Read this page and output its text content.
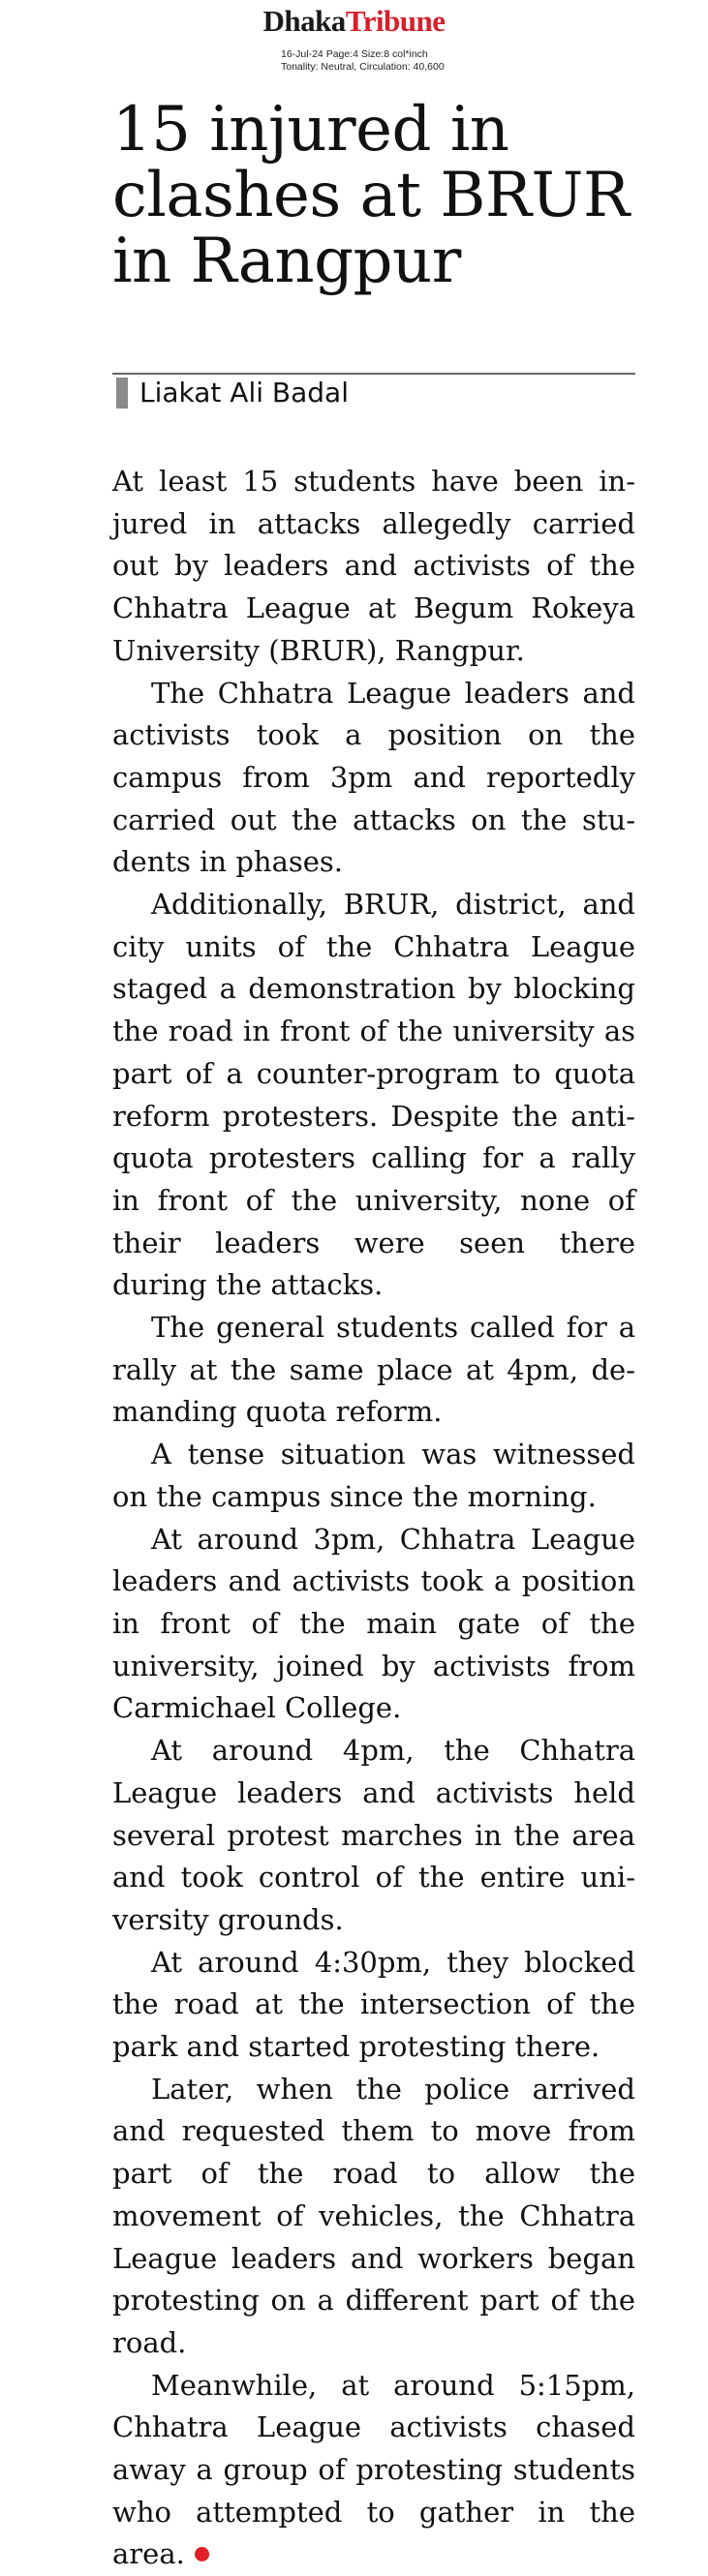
DhakaTribune
16-Jul-24 Page:4 Size:8 col*inch
Tonality: Neutral, Circulation: 40,600
15 injured in
clashes at BRUR
in Rangpur
Liakat Ali Badal

At least 15 students have been injured in attacks allegedly carried out by leaders and activists of the Chhatra League at Begum Rokeya University (BRUR), Rangpur.

The Chhatra League leaders and activists took a position on the campus from 3pm and reportedly carried out the attacks on the students in phases.

Additionally, BRUR, district, and city units of the Chhatra League staged a demonstration by blocking the road in front of the university as part of a counter-program to quota reform protesters. Despite the anti-quota protesters calling for a rally in front of the university, none of their leaders were seen there during the attacks.

The general students called for a rally at the same place at 4pm, demanding quota reform.

A tense situation was witnessed on the campus since the morning.

At around 3pm, Chhatra League leaders and activists took a position in front of the main gate of the university, joined by activists from Carmichael College.

At around 4pm, the Chhatra League leaders and activists held several protest marches in the area and took control of the entire university grounds.

At around 4:30pm, they blocked the road at the intersection of the park and started protesting there.

Later, when the police arrived and requested them to move from part of the road to allow the movement of vehicles, the Chhatra League leaders and workers began protesting on a different part of the road.

Meanwhile, at around 5:15pm, Chhatra League activists chased away a group of protesting students who attempted to gather in the area.
